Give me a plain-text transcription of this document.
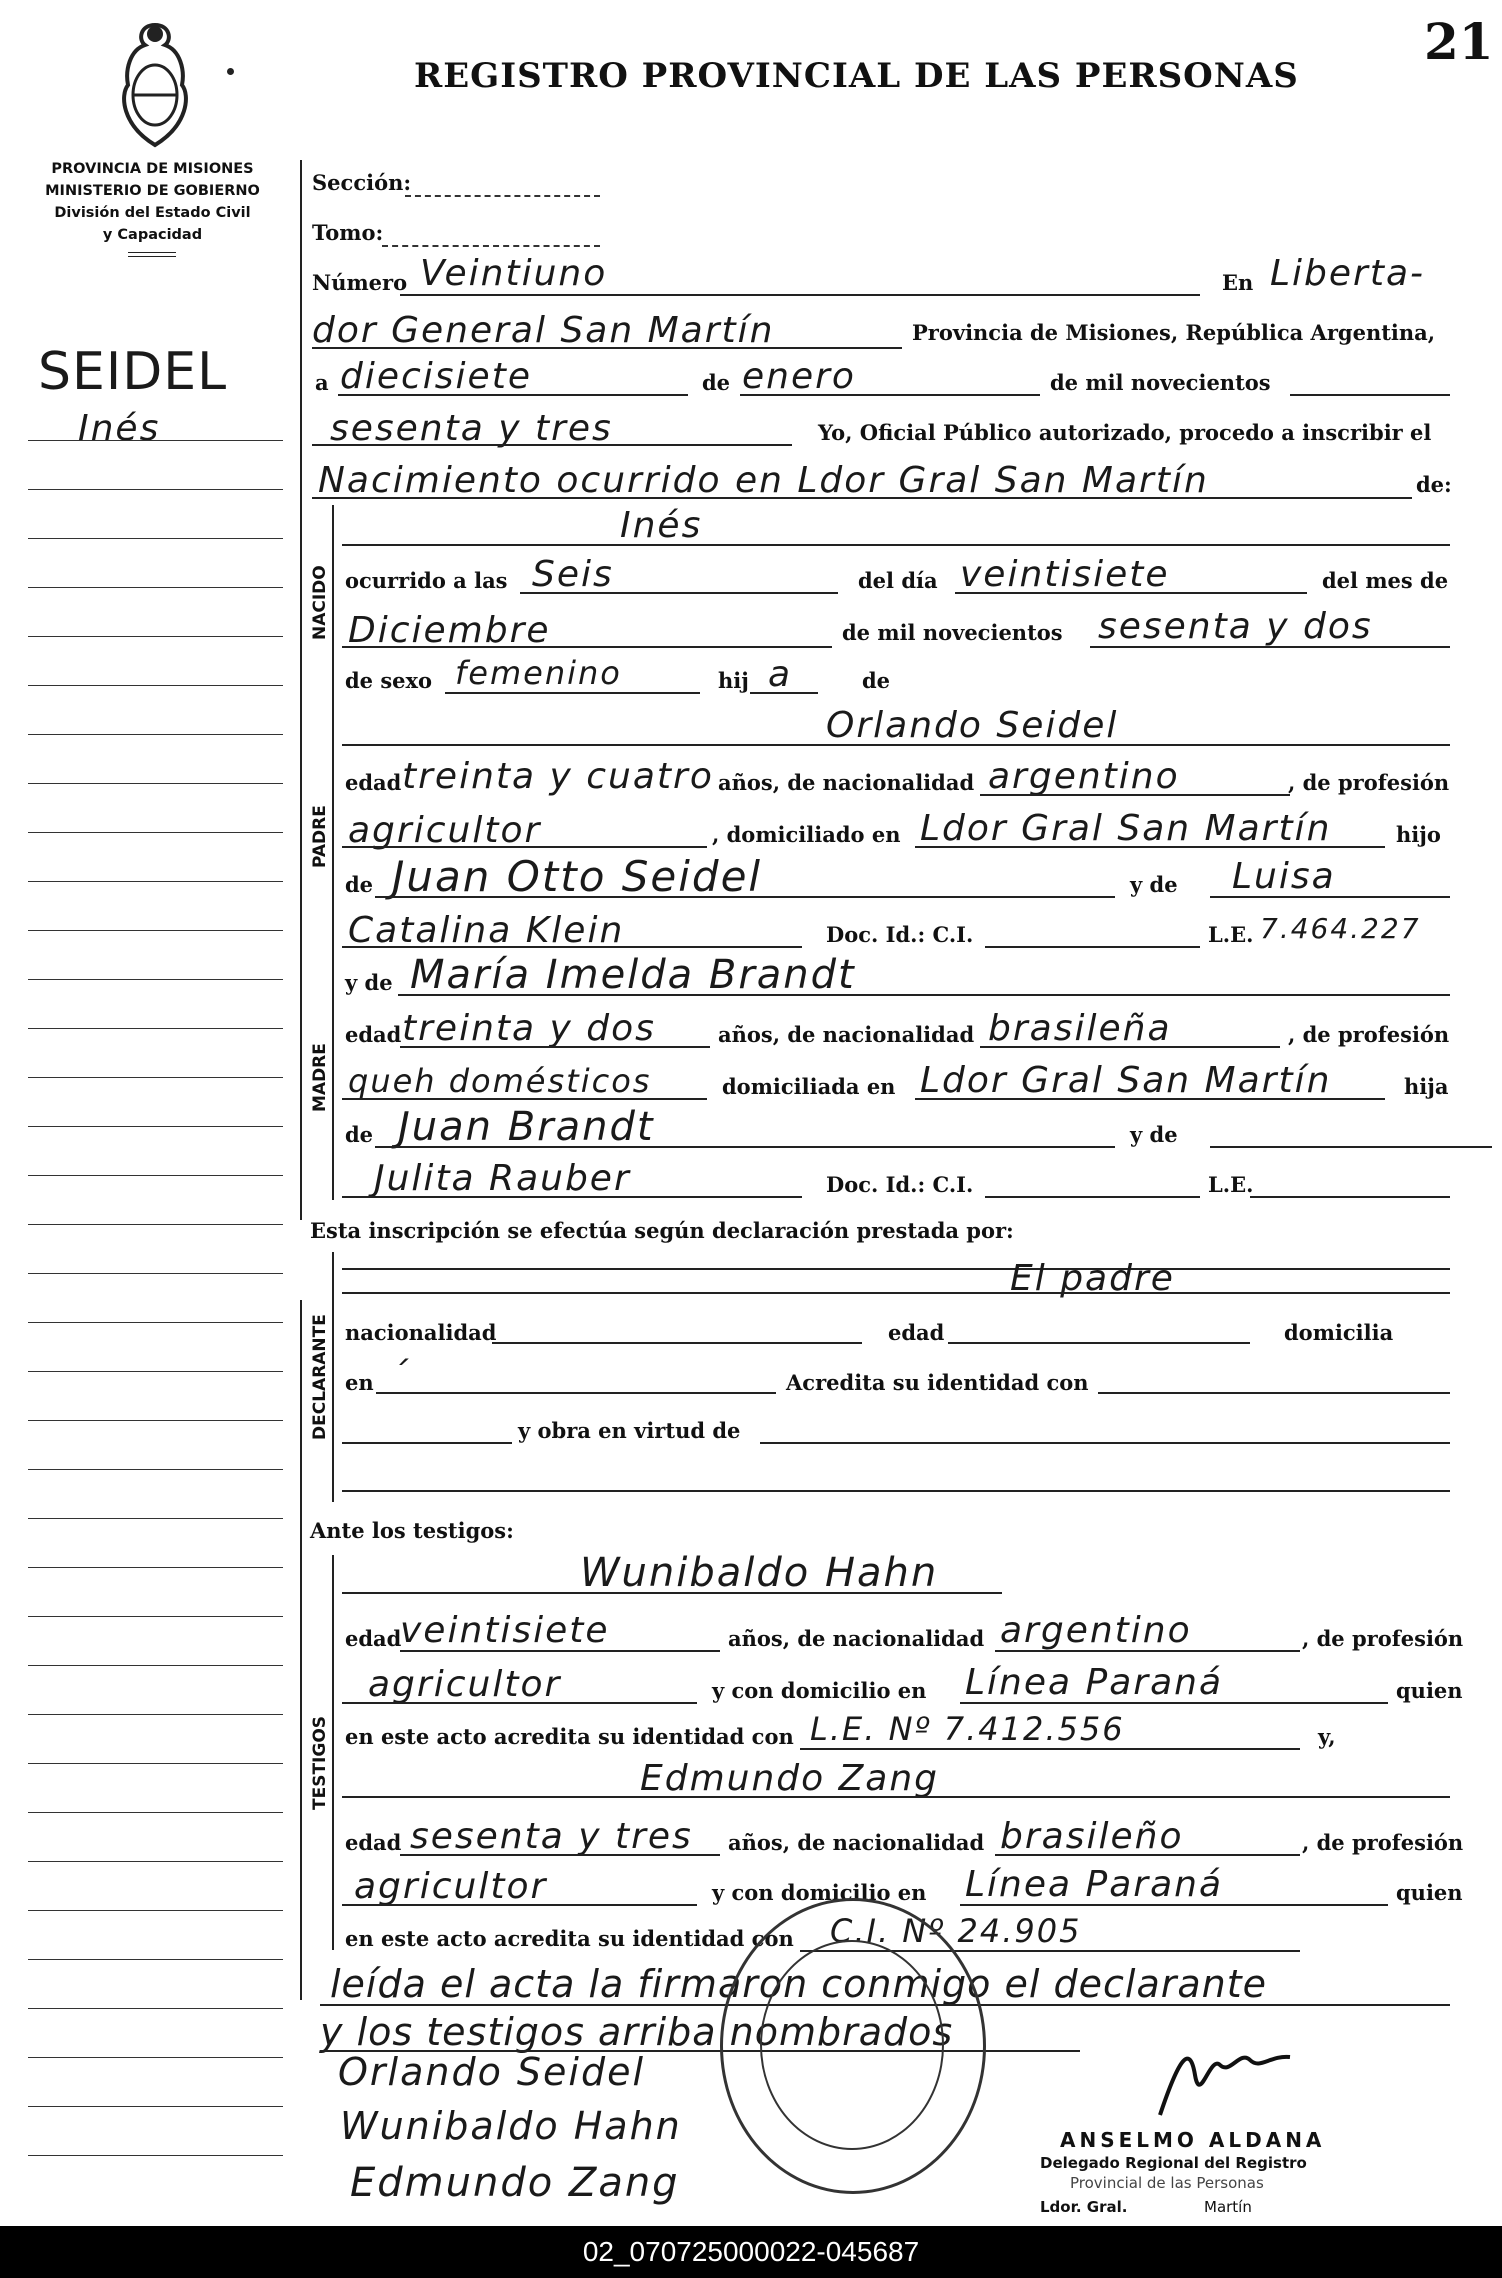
REGISTRO PROVINCIAL DE LAS PERSONAS
21
PROVINCIA DE MISIONES
MINISTERIO DE GOBIERNO
División del Estado Civil
y Capacidad
SEIDEL
Inés
Sección:
Tomo:
Número Veintiuno	En Liberta-
dor General San Martín	Provincia de Misiones, República Argentina,
a diecisiete	de enero	de mil novecientos
sesenta y tres	Yo, Oficial Público autorizado, procedo a inscribir el
Nacimiento ocurrido en Ldor Gral San Martín	de:
NACIDO
Inés
ocurrido a las Seis	del día veintisiete	del mes de
Diciembre	de mil novecientos sesenta y dos
de sexo femenino	hij a	de
PADRE
Orlando Seidel
edad treinta y cuatro años, de nacionalidad argentino	, de profesión
agricultor	, domiciliado en Ldor Gral San Martín	hijo
de Juan Otto Seidel	y de Luisa
Catalina Klein	Doc. Id.: C.I.	L.E. 7.464.227
MADRE
y de María Imelda Brandt
edad treinta y dos	años, de nacionalidad brasileña	, de profesión
queh domésticos	domiciliada en Ldor Gral San Martín	hija
de Juan Brandt	y de
Julita Rauber	Doc. Id.: C.I.	L.E.
Esta inscripción se efectúa según declaración prestada por:
DECLARANTE
El padre
nacionalidad	edad	domicilia
en ´	Acredita su identidad con
y obra en virtud de
Ante los testigos:
TESTIGOS
Wunibaldo Hahn
edad
veintisiete	años, de nacionalidad argentino	, de profesión
agricultor	y con domicilio en Línea Paraná	quien
en este acto acredita su identidad con L.E. Nº 7.412.556	y,
Edmundo Zang
edad sesenta y tres años, de nacionalidad brasileño	, de profesión
agricultor	y con domicilio en Línea Paraná	quien
en este acto acredita su identidad con C.I. Nº 24.905
leída el acta la firmaron conmigo el declarante
y los testigos arriba nombrados
Orlando Seidel
Wunibaldo Hahn
Edmundo Zang
ANSELMO ALDANA
Delegado Regional del Registro
Provincial de las Personas
Ldor. Gral.	Martín
02_070725000022-045687
